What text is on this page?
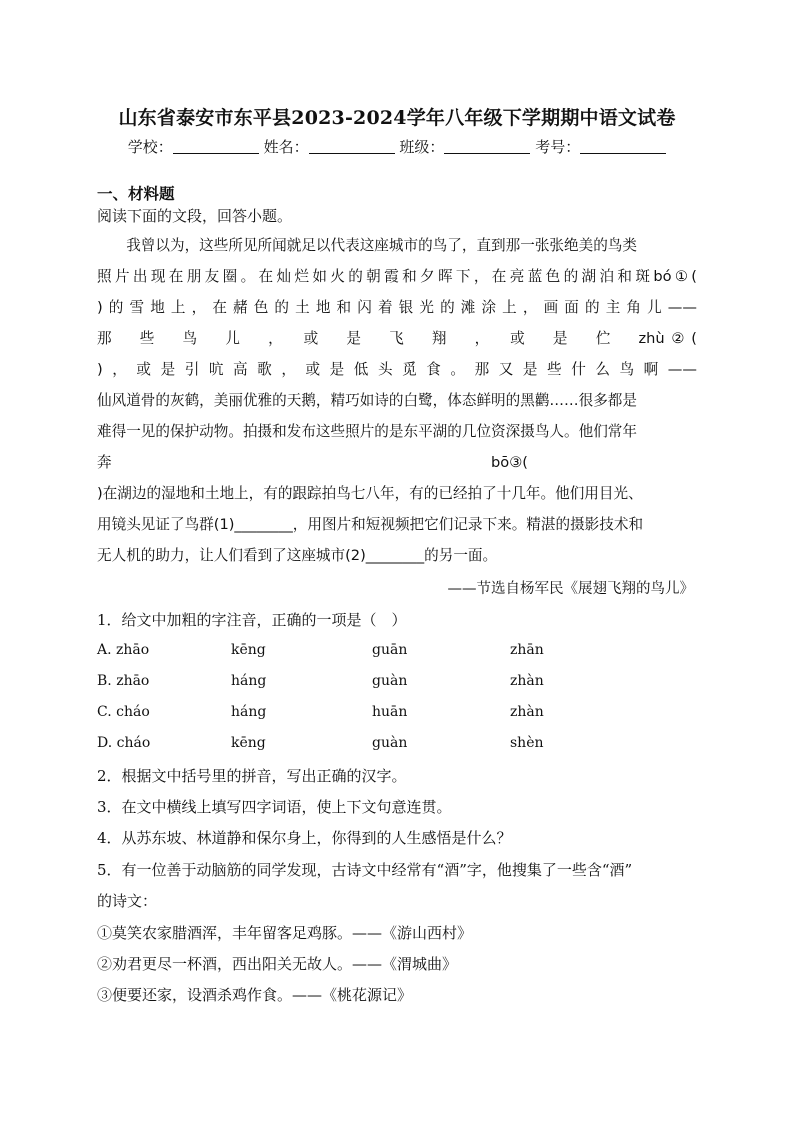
山东省泰安市东平县2023-2024学年八年级下学期期中语文试卷
学校：	姓名：	班级：	考号：
一、材料题
阅读下面的文段，回答小题。
　　我曾以为，这些所见所闻就足以代表这座城市的鸟了，直到那一张张绝美的鸟类
照片出现在朋友圈。在灿烂如火的朝霞和夕晖下，在亮蓝色的湖泊和斑bó①(
)的雪地上，在赭色的土地和闪着银光的滩涂上，画面的主角儿——
那　些　鸟　儿　，　或　是　飞　翔　，　或　是　伫　zhù②(
)，或是引吭高歌，或是低头觅食。那又是些什么鸟啊——
仙风道骨的灰鹤，美丽优雅的天鹅，精巧如诗的白鹭，体态鲜明的黑鹳……很多都是
难得一见的保护动物。拍摄和发布这些照片的是东平湖的几位资深摄鸟人。他们常年
奔　　　　　　　　　　　　　　　　　　　　　　　　　　bō③(
)在湖边的湿地和土地上，有的跟踪拍鸟七八年，有的已经拍了十几年。他们用目光、
用镜头见证了鸟群(1)________，用图片和短视频把它们记录下来。精湛的摄影技术和
无人机的助力，让人们看到了这座城市(2)________的另一面。
——节选自杨军民《展翅飞翔的鸟儿》
1．给文中加粗的字注音，正确的一项是（　）
A. zhāo	kēng	guān	zhān
B. zhāo	háng	guàn	zhàn
C. cháo	háng	huān	zhàn
D. cháo	kēng	guàn	shèn
2．根据文中括号里的拼音，写出正确的汉字。
3．在文中横线上填写四字词语，使上下文句意连贯。
4．从苏东坡、林道静和保尔身上，你得到的人生感悟是什么？
5．有一位善于动脑筋的同学发现，古诗文中经常有“酒”字，他搜集了一些含“酒”
的诗文：
①莫笑农家腊酒浑，丰年留客足鸡豚。——《游山西村》
②劝君更尽一杯酒，西出阳关无故人。——《渭城曲》
③便要还家，设酒杀鸡作食。——《桃花源记》
